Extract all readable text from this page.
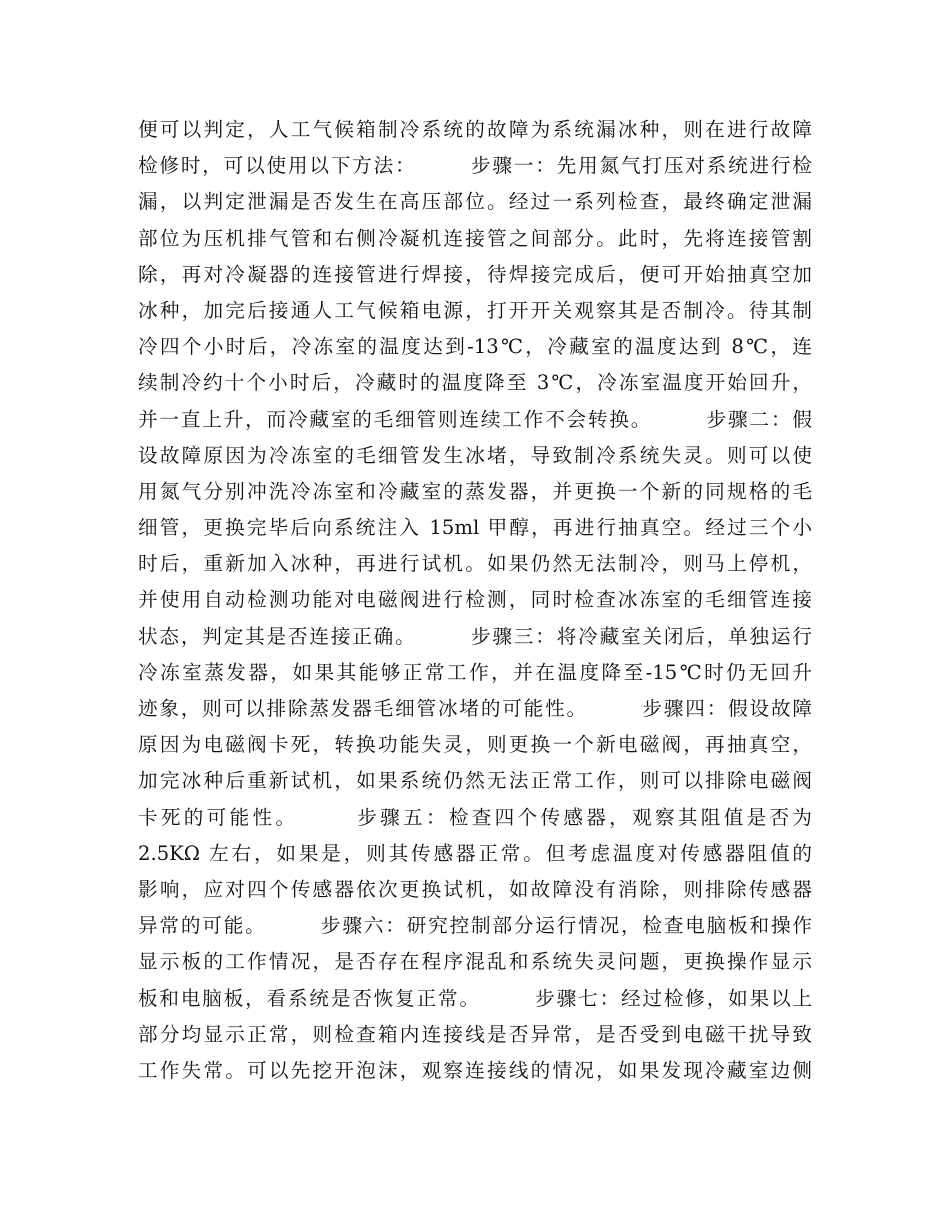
便可以判定，人工气候箱制冷系统的故障为系统漏冰种，则在进行故障
检修时，可以使用以下方法：　　　步骤一：先用氮气打压对系统进行检
漏，以判定泄漏是否发生在高压部位。经过一系列检查，最终确定泄漏
部位为压机排气管和右侧冷凝机连接管之间部分。此时，先将连接管割
除，再对冷凝器的连接管进行焊接，待焊接完成后，便可开始抽真空加
冰种，加完后接通人工气候箱电源，打开开关观察其是否制冷。待其制
冷四个小时后，冷冻室的温度达到-13℃，冷藏室的温度达到 8℃，连
续制冷约十个小时后，冷藏时的温度降至 3℃，冷冻室温度开始回升，
并一直上升，而冷藏室的毛细管则连续工作不会转换。　　　步骤二：假
设故障原因为冷冻室的毛细管发生冰堵，导致制冷系统失灵。则可以使
用氮气分别冲洗冷冻室和冷藏室的蒸发器，并更换一个新的同规格的毛
细管，更换完毕后向系统注入 15ml 甲醇，再进行抽真空。经过三个小
时后，重新加入冰种，再进行试机。如果仍然无法制冷，则马上停机，
并使用自动检测功能对电磁阀进行检测，同时检查冰冻室的毛细管连接
状态，判定其是否连接正确。　　　步骤三：将冷藏室关闭后，单独运行
冷冻室蒸发器，如果其能够正常工作，并在温度降至-15℃时仍无回升
迹象，则可以排除蒸发器毛细管冰堵的可能性。　　　步骤四：假设故障
原因为电磁阀卡死，转换功能失灵，则更换一个新电磁阀，再抽真空，
加完冰种后重新试机，如果系统仍然无法正常工作，则可以排除电磁阀
卡死的可能性。　　　步骤五：检查四个传感器，观察其阻值是否为
2.5KΩ 左右，如果是，则其传感器正常。但考虑温度对传感器阻值的
影响，应对四个传感器依次更换试机，如故障没有消除，则排除传感器
异常的可能。　　　步骤六：研究控制部分运行情况，检查电脑板和操作
显示板的工作情况，是否存在程序混乱和系统失灵问题，更换操作显示
板和电脑板，看系统是否恢复正常。　　　步骤七：经过检修，如果以上
部分均显示正常，则检查箱内连接线是否异常，是否受到电磁干扰导致
工作失常。可以先挖开泡沫，观察连接线的情况，如果发现冷藏室边侧
